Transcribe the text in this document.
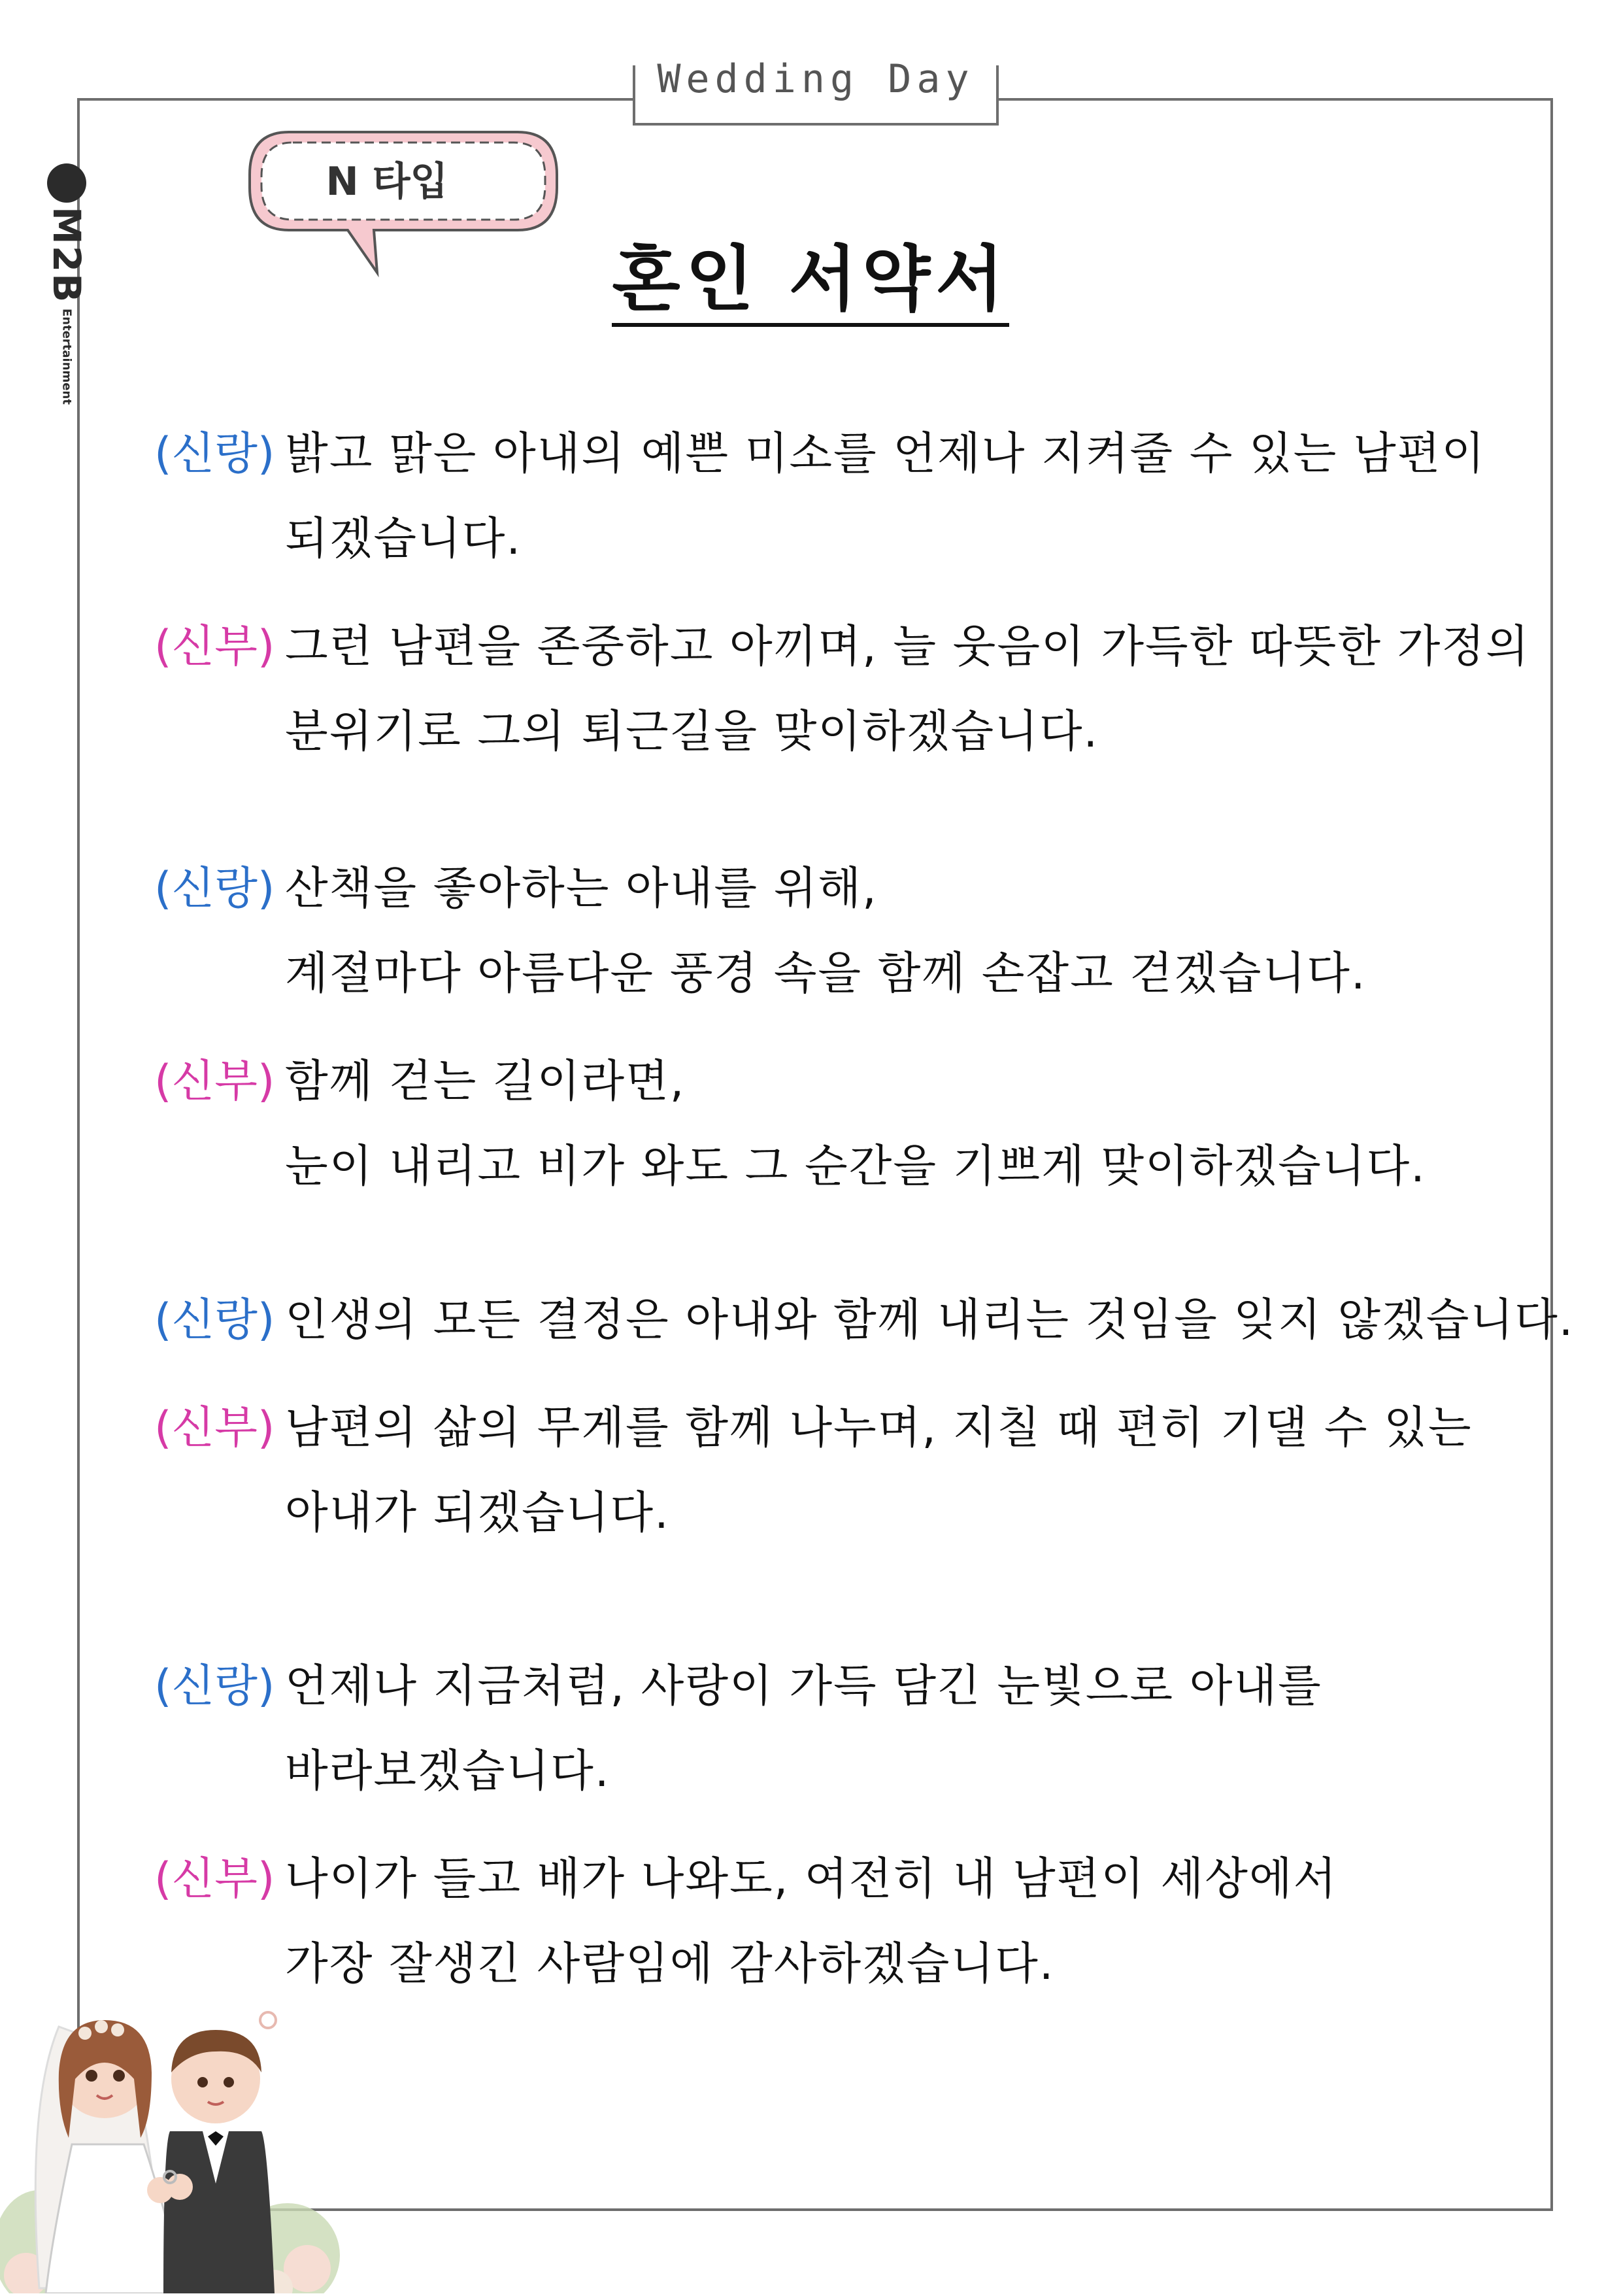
Wedding Day
M2B
Entertainment
N 타입
혼인 서약서
(신랑) 밝고 맑은 아내의 예쁜 미소를 언제나 지켜줄 수 있는 남편이
되겠습니다.
(신부) 그런 남편을 존중하고 아끼며, 늘 웃음이 가득한 따뜻한 가정의
분위기로 그의 퇴근길을 맞이하겠습니다.
(신랑) 산책을 좋아하는 아내를 위해,
계절마다 아름다운 풍경 속을 함께 손잡고 걷겠습니다.
(신부) 함께 걷는 길이라면,
눈이 내리고 비가 와도 그 순간을 기쁘게 맞이하겠습니다.
(신랑) 인생의 모든 결정은 아내와 함께 내리는 것임을 잊지 않겠습니다.
(신부) 남편의 삶의 무게를 함께 나누며, 지칠 때 편히 기댈 수 있는
아내가 되겠습니다.
(신랑) 언제나 지금처럼, 사랑이 가득 담긴 눈빛으로 아내를
바라보겠습니다.
(신부) 나이가 들고 배가 나와도, 여전히 내 남편이 세상에서
가장 잘생긴 사람임에 감사하겠습니다.
